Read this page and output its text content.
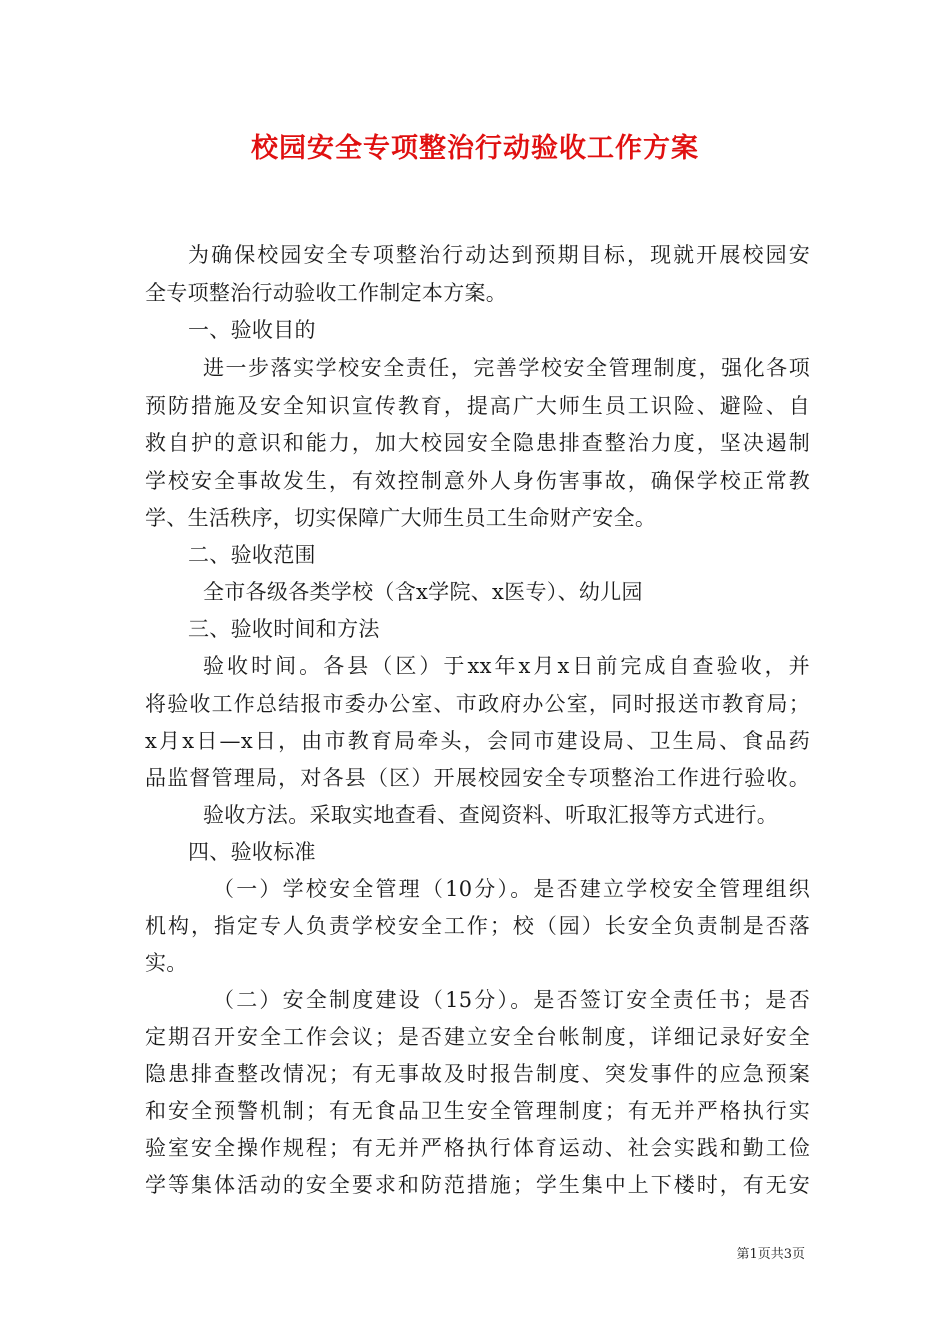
校园安全专项整治行动验收工作方案
为确保校园安全专项整治行动达到预期目标，现就开展校园安
全专项整治行动验收工作制定本方案。
一、验收目的
进一步落实学校安全责任，完善学校安全管理制度，强化各项
预防措施及安全知识宣传教育，提高广大师生员工识险、避险、自
救自护的意识和能力，加大校园安全隐患排查整治力度，坚决遏制
学校安全事故发生，有效控制意外人身伤害事故，确保学校正常教
学、生活秩序，切实保障广大师生员工生命财产安全。
二、验收范围
全市各级各类学校（含x学院、x医专）、幼儿园
三、验收时间和方法
验收时间。各县（区）于xx年x月x日前完成自查验收，并
将验收工作总结报市委办公室、市政府办公室，同时报送市教育局；
x月x日—x日，由市教育局牵头，会同市建设局、卫生局、食品药
品监督管理局，对各县（区）开展校园安全专项整治工作进行验收。
验收方法。采取实地查看、查阅资料、听取汇报等方式进行。
四、验收标准
（一）学校安全管理（10分）。是否建立学校安全管理组织
机构，指定专人负责学校安全工作；校（园）长安全负责制是否落
实。
（二）安全制度建设（15分）。是否签订安全责任书；是否
定期召开安全工作会议；是否建立安全台帐制度，详细记录好安全
隐患排查整改情况；有无事故及时报告制度、突发事件的应急预案
和安全预警机制；有无食品卫生安全管理制度；有无并严格执行实
验室安全操作规程；有无并严格执行体育运动、社会实践和勤工俭
学等集体活动的安全要求和防范措施；学生集中上下楼时，有无安
第1页共3页
